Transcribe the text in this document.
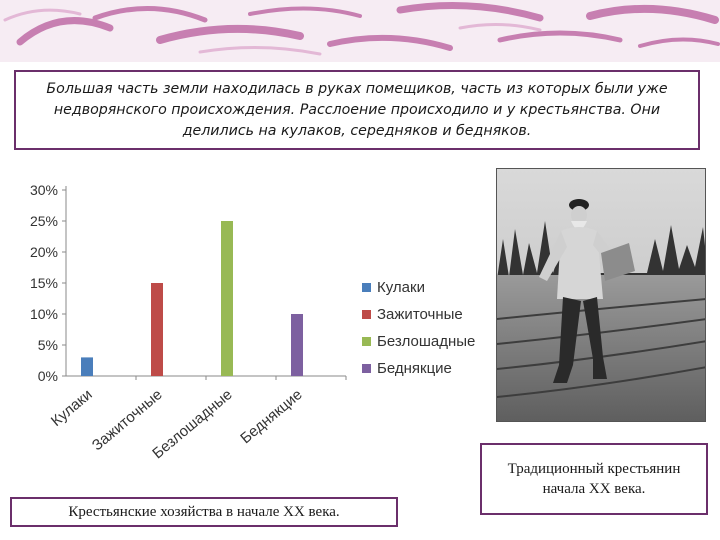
Большая часть земли находилась в руках помещиков, часть из которых были уже недворянского происхождения. Расслоение происходило и у крестьянства. Они делились на кулаков, середняков и бедняков.

0%
5%
10%
15%
20%
25%
30%
Кулаки
Зажиточные
Безлошадные Беднякцие
Кулаки
Зажиточные
Безлошадные
Беднякцие
Крестьянские хозяйства в начале XX века.
Традиционный крестьянин начала XX века.
